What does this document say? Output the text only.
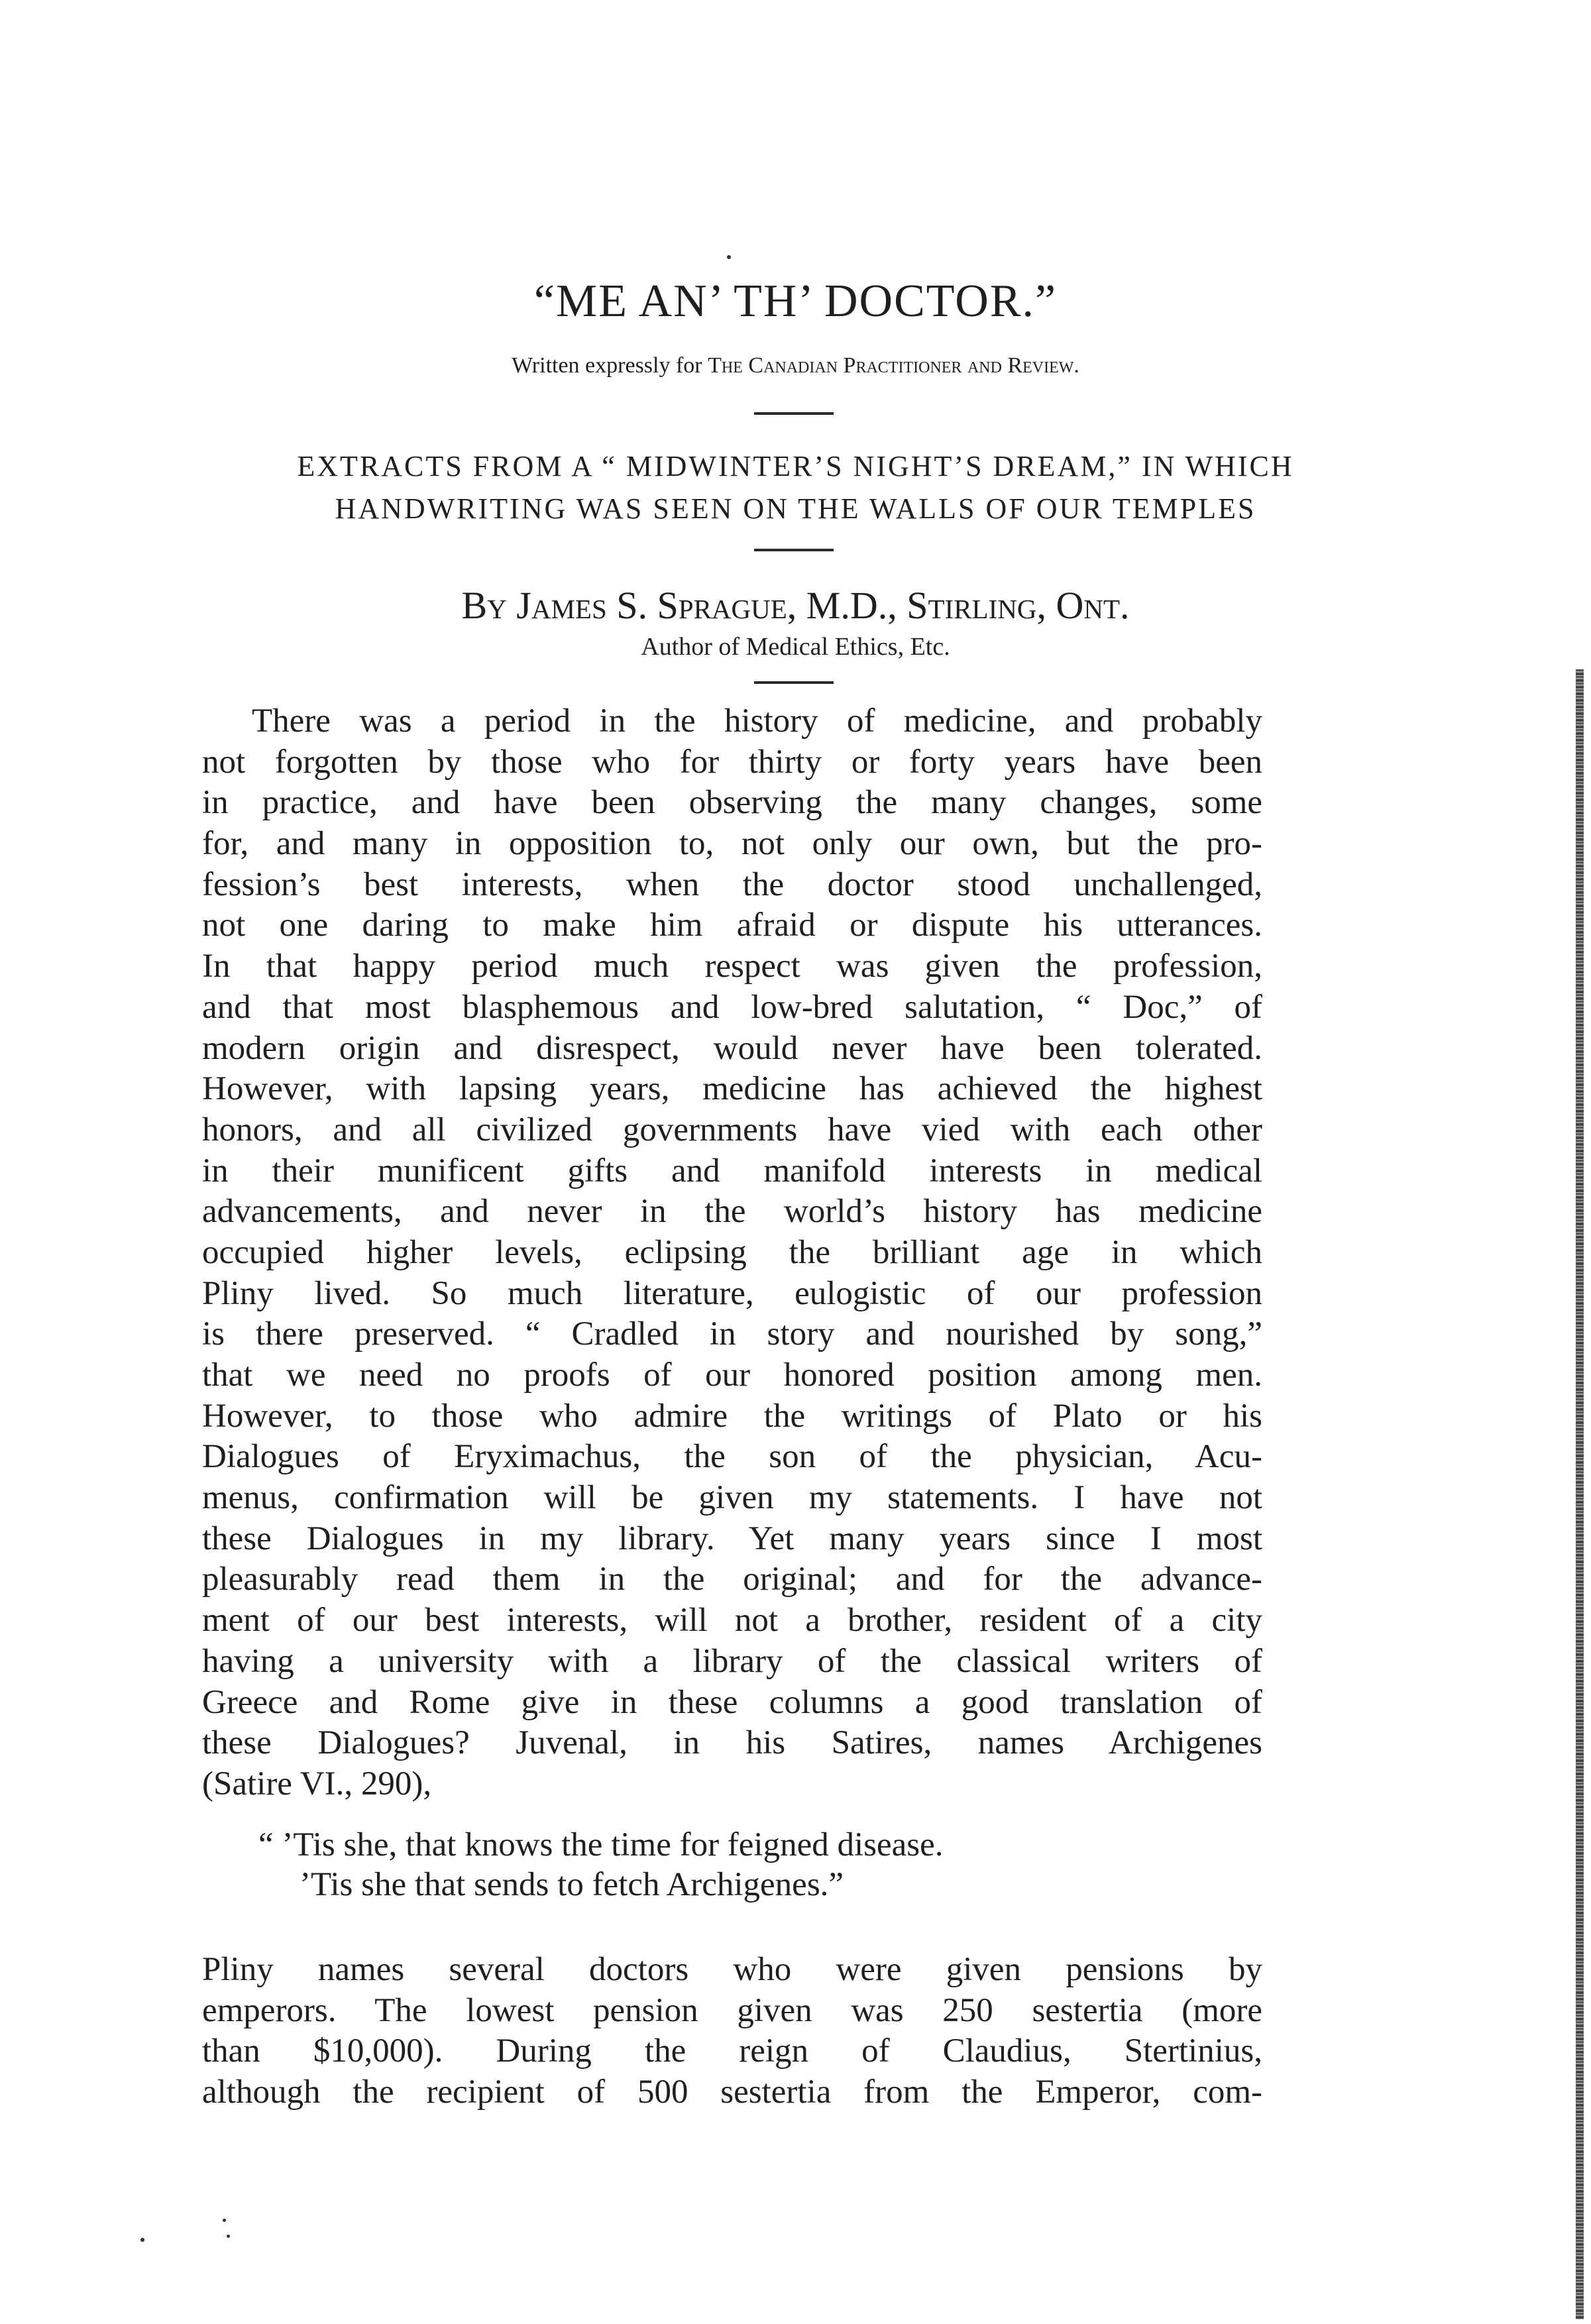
“ME AN’ TH’ DOCTOR.”
Written expressly for The Canadian Practitioner and Review.
EXTRACTS FROM A “ MIDWINTER’S NIGHT’S DREAM,” IN WHICH
HANDWRITING WAS SEEN ON THE WALLS OF OUR TEMPLES
By James S. Sprague, M.D., Stirling, Ont.
Author of Medical Ethics, Etc.
There was a period in the history of medicine, and probably
not forgotten by those who for thirty or forty years have been
in practice, and have been observing the many changes, some
for, and many in opposition to, not only our own, but the pro-
fession’s best interests, when the doctor stood unchallenged,
not one daring to make him afraid or dispute his utterances.
In that happy period much respect was given the profession,
and that most blasphemous and low-bred salutation, “ Doc,” of
modern origin and disrespect, would never have been tolerated.
However, with lapsing years, medicine has achieved the highest
honors, and all civilized governments have vied with each other
in their munificent gifts and manifold interests in medical
advancements, and never in the world’s history has medicine
occupied higher levels, eclipsing the brilliant age in which
Pliny lived. So much literature, eulogistic of our profession
is there preserved. “ Cradled in story and nourished by song,”
that we need no proofs of our honored position among men.
However, to those who admire the writings of Plato or his
Dialogues of Eryximachus, the son of the physician, Acu-
menus, confirmation will be given my statements. I have not
these Dialogues in my library. Yet many years since I most
pleasurably read them in the original; and for the advance-
ment of our best interests, will not a brother, resident of a city
having a university with a library of the classical writers of
Greece and Rome give in these columns a good translation of
these Dialogues? Juvenal, in his Satires, names Archigenes
(Satire VI., 290),
“ ’Tis she, that knows the time for feigned disease.
’Tis she that sends to fetch Archigenes.”
Pliny names several doctors who were given pensions by
emperors. The lowest pension given was 250 sestertia (more
than $10,000). During the reign of Claudius, Stertinius,
although the recipient of 500 sestertia from the Emperor, com-
